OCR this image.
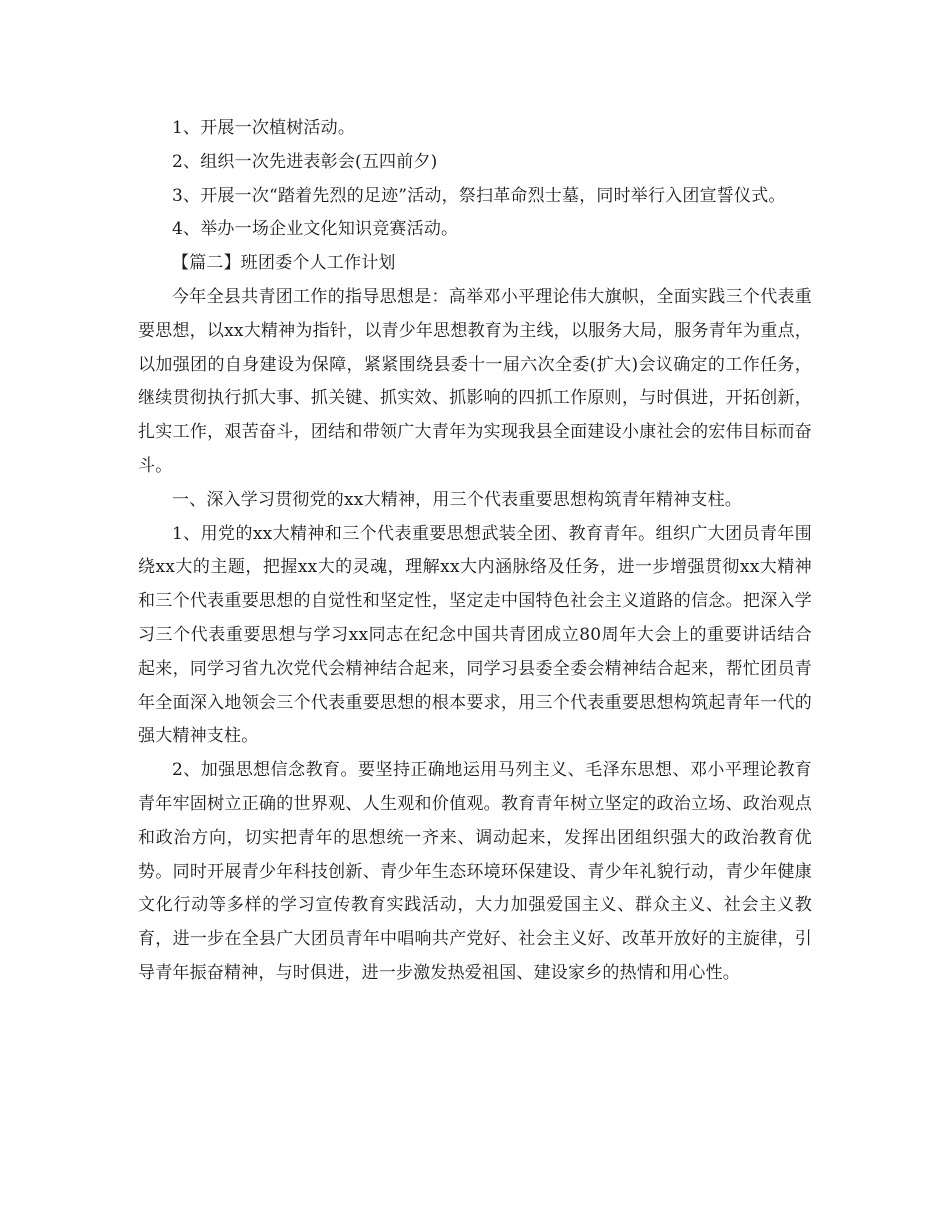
1、开展一次植树活动。

2、组织一次先进表彰会(五四前夕)

3、开展一次“踏着先烈的足迹”活动，祭扫革命烈士墓，同时举行入团宣誓仪式。

4、举办一场企业文化知识竞赛活动。

【篇二】班团委个人工作计划

今年全县共青团工作的指导思想是：高举邓小平理论伟大旗帜，全面实践三个代表重要思想，以xx大精神为指针，以青少年思想教育为主线，以服务大局，服务青年为重点，以加强团的自身建设为保障，紧紧围绕县委十一届六次全委(扩大)会议确定的工作任务，继续贯彻执行抓大事、抓关键、抓实效、抓影响的四抓工作原则，与时俱进，开拓创新，扎实工作，艰苦奋斗，团结和带领广大青年为实现我县全面建设小康社会的宏伟目标而奋斗。

一、深入学习贯彻党的xx大精神，用三个代表重要思想构筑青年精神支柱。

1、用党的xx大精神和三个代表重要思想武装全团、教育青年。组织广大团员青年围绕xx大的主题，把握xx大的灵魂，理解xx大内涵脉络及任务，进一步增强贯彻xx大精神和三个代表重要思想的自觉性和坚定性，坚定走中国特色社会主义道路的信念。把深入学习三个代表重要思想与学习xx同志在纪念中国共青团成立80周年大会上的重要讲话结合起来，同学习省九次党代会精神结合起来，同学习县委全委会精神结合起来，帮忙团员青年全面深入地领会三个代表重要思想的根本要求，用三个代表重要思想构筑起青年一代的强大精神支柱。

2、加强思想信念教育。要坚持正确地运用马列主义、毛泽东思想、邓小平理论教育青年牢固树立正确的世界观、人生观和价值观。教育青年树立坚定的政治立场、政治观点和政治方向，切实把青年的思想统一齐来、调动起来，发挥出团组织强大的政治教育优势。同时开展青少年科技创新、青少年生态环境环保建设、青少年礼貌行动，青少年健康文化行动等多样的学习宣传教育实践活动，大力加强爱国主义、群众主义、社会主义教育，进一步在全县广大团员青年中唱响共产党好、社会主义好、改革开放好的主旋律，引导青年振奋精神，与时俱进，进一步激发热爱祖国、建设家乡的热情和用心性。
